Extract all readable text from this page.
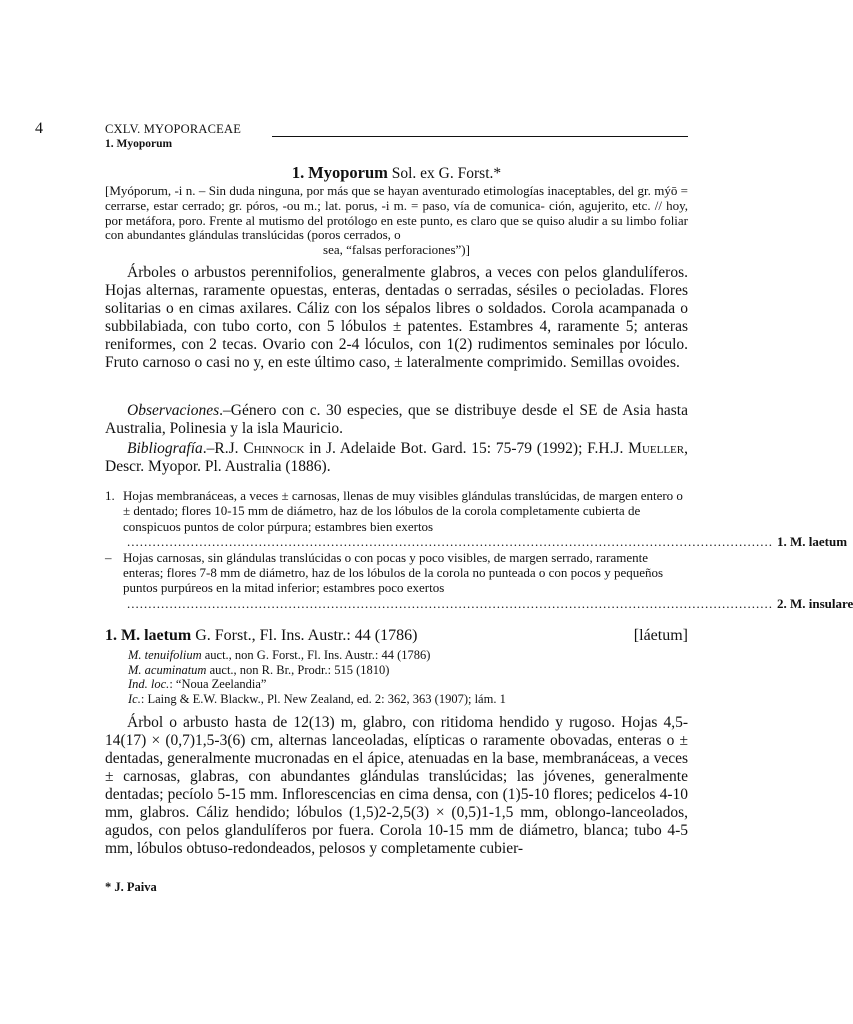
4	CXLV. MYOPORACEAE
1. Myoporum
1. Myoporum Sol. ex G. Forst.*
[Myóporum, -i n. – Sin duda ninguna, por más que se hayan aventurado etimologías inaceptables, del gr. mýō = cerrarse, estar cerrado; gr. póros, -ou m.; lat. porus, -i m. = paso, vía de comunica- ción, agujerito, etc. // hoy, por metáfora, poro. Frente al mutismo del protólogo en este punto, es claro que se quiso aludir a su limbo foliar con abundantes glándulas translúcidas (poros cerrados, o
sea, “falsas perforaciones”)]

Árboles o arbustos perennifolios, generalmente glabros, a veces con pelos glandulíferos. Hojas alternas, raramente opuestas, enteras, dentadas o serradas, sésiles o pecioladas. Flores solitarias o en cimas axilares. Cáliz con los sépalos libres o soldados. Corola acampanada o subbilabiada, con tubo corto, con 5 lóbulos ± patentes. Estambres 4, raramente 5; anteras reniformes, con 2 tecas. Ovario con 2-4 lóculos, con 1(2) rudimentos seminales por lóculo. Fruto carnoso o casi no y, en este último caso, ± lateralmente comprimido. Semillas ovoides.

Observaciones.–Género con c. 30 especies, que se distribuye desde el SE de Asia hasta Australia, Polinesia y la isla Mauricio.

Bibliografía.–R.J. Chinnock in J. Adelaide Bot. Gard. 15: 75-79 (1992); F.H.J. Mueller, Descr. Myopor. Pl. Australia (1886).

1. Hojas membranáceas, a veces ± carnosas, llenas de muy visibles glándulas translúcidas, de margen entero o ± dentado; flores 10-15 mm de diámetro, haz de los lóbulos de la corola completamente cubierta de conspicuos puntos de color púrpura; estambres bien exertos
........................................................................................................................................................ 1. M. laetum
– Hojas carnosas, sin glándulas translúcidas o con pocas y poco visibles, de margen serrado, raramente enteras; flores 7-8 mm de diámetro, haz de los lóbulos de la corola no punteada o con pocos y pequeños puntos purpúreos en la mitad inferior; estambres poco exertos
........................................................................................................................................................ 2. M. insulare
1. M. laetum G. Forst., Fl. Ins. Austr.: 44 (1786)	[láetum]
M. tenuifolium auct., non G. Forst., Fl. Ins. Austr.: 44 (1786)
M. acuminatum auct., non R. Br., Prodr.: 515 (1810)
Ind. loc.: “Noua Zeelandia”
Ic.: Laing & E.W. Blackw., Pl. New Zealand, ed. 2: 362, 363 (1907); lám. 1

Árbol o arbusto hasta de 12(13) m, glabro, con ritidoma hendido y rugoso. Hojas 4,5-14(17) × (0,7)1,5-3(6) cm, alternas lanceoladas, elípticas o raramente obovadas, enteras o ± dentadas, generalmente mucronadas en el ápice, atenuadas en la base, membranáceas, a veces ± carnosas, glabras, con abundantes glándulas translúcidas; las jóvenes, generalmente dentadas; pecíolo 5-15 mm. Inflorescencias en cima densa, con (1)5-10 flores; pedicelos 4-10 mm, glabros. Cáliz hendido; lóbulos (1,5)2-2,5(3) × (0,5)1-1,5 mm, oblongo-lanceolados, agudos, con pelos glandulíferos por fuera. Corola 10-15 mm de diámetro, blanca; tubo 4-5 mm, lóbulos obtuso-redondeados, pelosos y completamente cubier-

* J. Paiva
